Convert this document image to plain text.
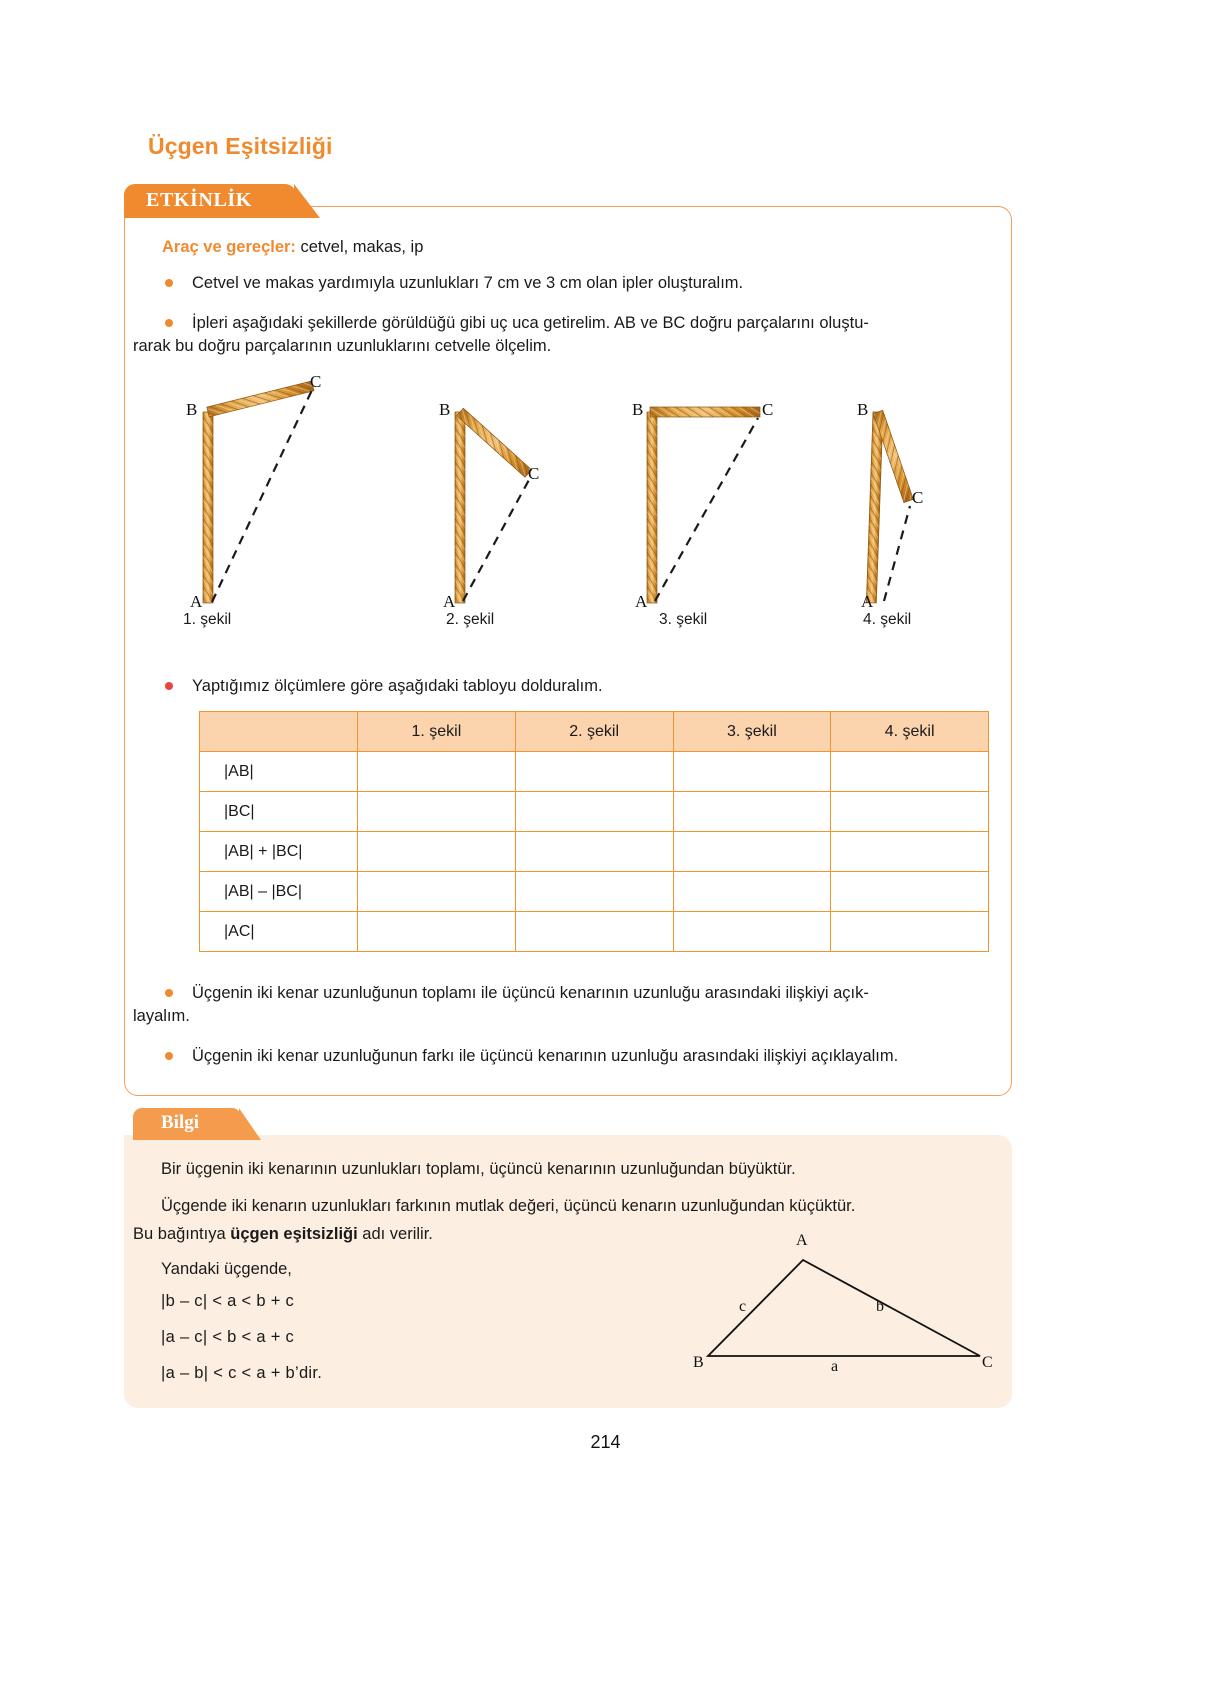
Üçgen Eşitsizliği
ETKİNLİK
Araç ve gereçler: cetvel, makas, ip
Cetvel ve makas yardımıyla uzunlukları 7 cm ve 3 cm olan ipler oluşturalım.
İpleri aşağıdaki şekillerde görüldüğü gibi uç uca getirelim. AB ve BC doğru parçalarını oluştu-
rarak bu doğru parçalarının uzunluklarını cetvelle ölçelim.
C
B
A
C
B
A
C
B
A
C
B
A
1. şekil	2. şekil	3. şekil	4. şekil
Yaptığımız ölçümlere göre aşağıdaki tabloyu dolduralım.
	1. şekil	2. şekil	3. şekil	4. şekil
|AB|				
|BC|				
|AB| + |BC|				
|AB| – |BC|				
|AC|				
Üçgenin iki kenar uzunluğunun toplamı ile üçüncü kenarının uzunluğu arasındaki ilişkiyi açık-
layalım.
Üçgenin iki kenar uzunluğunun farkı ile üçüncü kenarının uzunluğu arasındaki ilişkiyi açıklayalım.
Bilgi
Bir üçgenin iki kenarının uzunlukları toplamı, üçüncü kenarının uzunluğundan büyüktür.
Üçgende iki kenarın uzunlukları farkının mutlak değeri, üçüncü kenarın uzunluğundan küçüktür.
Bu bağıntıya üçgen eşitsizliği adı verilir.
Yandaki üçgende,
|b – c| < a < b + c
|a – c| < b < a + c
|a – b| < c < a + b’dir.
A
B	C
c	b
a
214
